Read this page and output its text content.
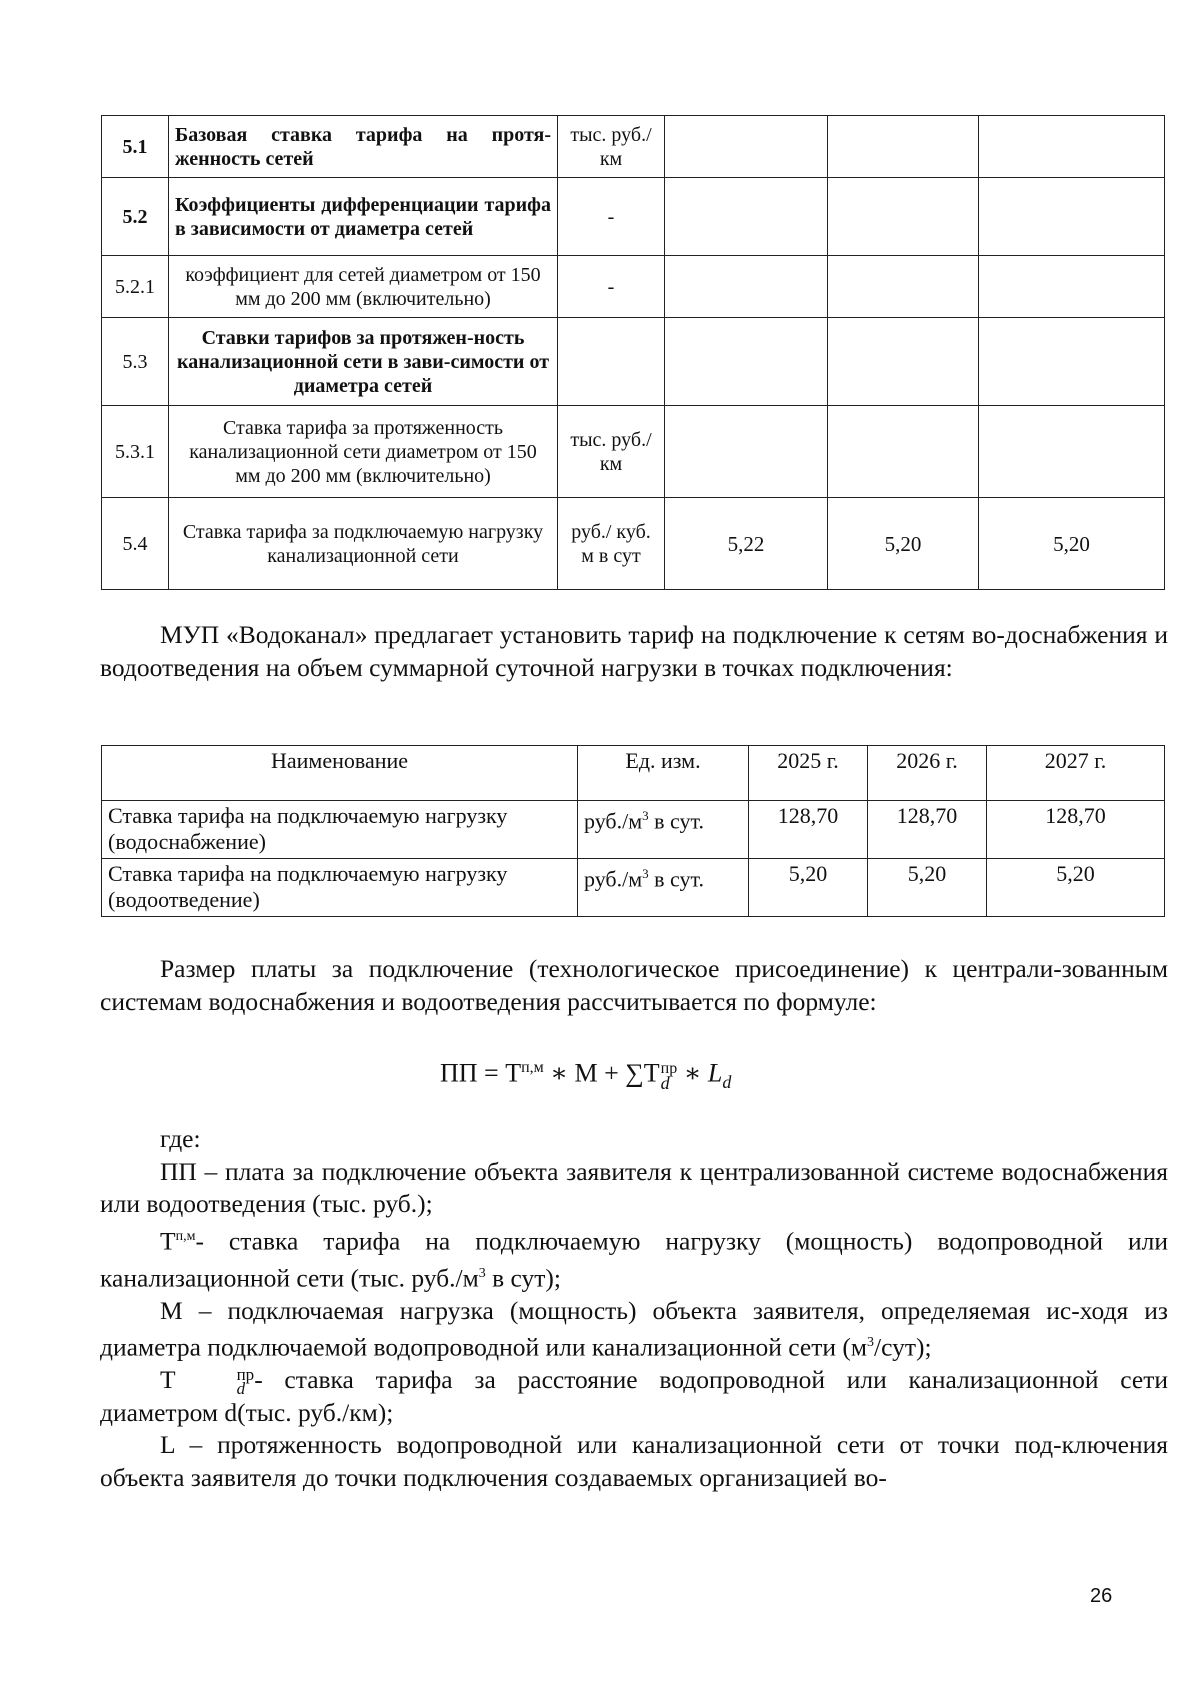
5.1	Базовая ставка тарифа на протя-женность сетей	тыс. руб./км			
5.2	Коэффициенты дифференциации тарифа в зависимости от диаметра сетей	-			
5.2.1	коэффициент для сетей диаметром от 150 мм до 200 мм (включительно)	-			
5.3	Ставки тарифов за протяжен-ность канализационной сети в зави-симости от диаметра сетей				
5.3.1	Ставка тарифа за протяженность канализационной сети диаметром от 150 мм до 200 мм (включительно)	тыс. руб./км			
5.4	Ставка тарифа за подключаемую нагрузку канализационной сети	руб./ куб. м в сут	5,22	5,20	5,20

МУП «Водоканал» предлагает установить тариф на подключение к сетям во-доснабжения и водоотведения на объем суммарной суточной нагрузки в точках подключения:

Наименование	Ед. изм.	2025 г.	2026 г.	2027 г.
Ставка тарифа на подключаемую нагрузку (водоснабжение)	$руб./м^3$ в сут.	128,70	128,70	128,70
Ставка тарифа на подключаемую нагрузку (водоотведение)	$руб./м^3$ в сут.	5,20	5,20	5,20

Размер платы за подключение (технологическое присоединение) к централи-зованным системам водоснабжения и водоотведения рассчитывается по формуле:

ПП = $Т^{п,м}$ ∗ М + ∑Т пр
d ∗ $L_d$

где:

ПП – плата за подключение объекта заявителя к централизованной системе водоснабжения или водоотведения (тыс. руб.);

$Т^{п,м}-$ ставка тарифа на подключаемую нагрузку (мощность) водопроводной или канализационной сети (тыс. $руб./м^3$ в сут);

М – подключаемая нагрузка (мощность) объекта заявителя, определяемая ис-ходя из диаметра подключаемой водопроводной или канализационной сети $(м^3/сут)$;

Т	пр
d - ставка тарифа за расстояние водопроводной или канализационной сети диаметром d(тыс. руб./км);

L – протяженность водопроводной или канализационной сети от точки под-ключения объекта заявителя до точки подключения создаваемых организацией во-

26
